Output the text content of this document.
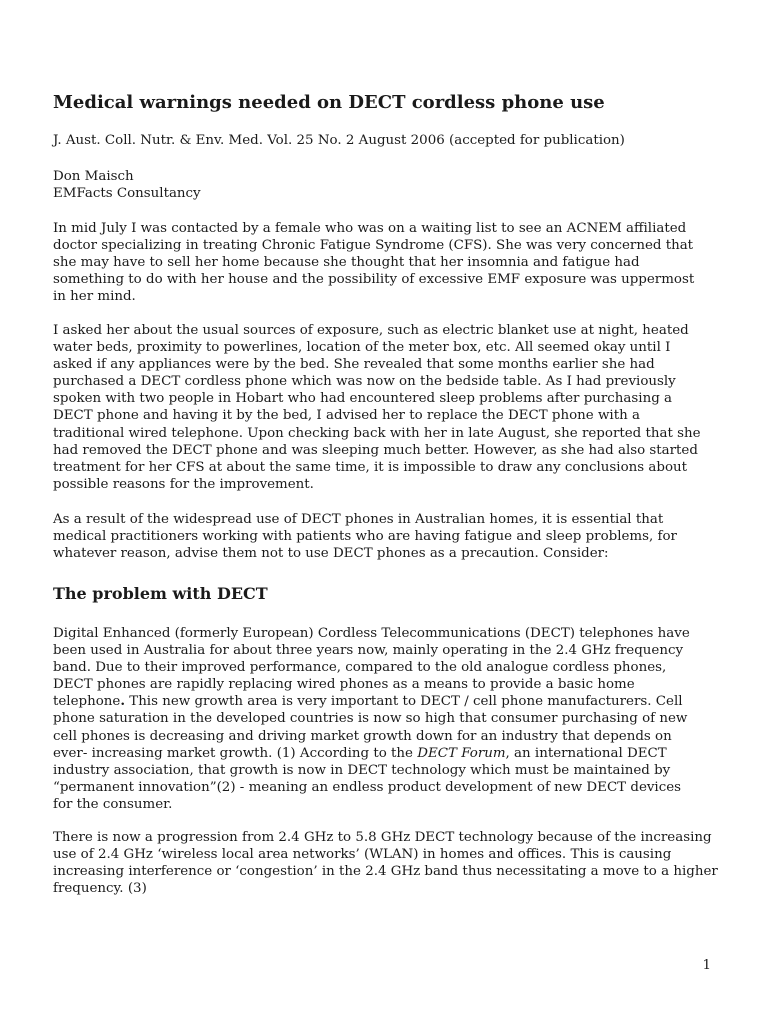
Medical warnings needed on DECT cordless phone use
J. Aust. Coll. Nutr. & Env. Med. Vol. 25 No. 2 August 2006 (accepted for publication)
Don Maisch
EMFacts Consultancy
In mid July I was contacted by a female who was on a waiting list to see an ACNEM affiliated
doctor specializing in treating Chronic Fatigue Syndrome (CFS). She was very concerned that
she may have to sell her home because she thought that her insomnia and fatigue had
something to do with her house and the possibility of excessive EMF exposure was uppermost
in her mind.
I asked her about the usual sources of exposure, such as electric blanket use at night, heated
water beds, proximity to powerlines, location of the meter box, etc. All seemed okay until I
asked if any appliances were by the bed. She revealed that some months earlier she had
purchased a DECT cordless phone which was now on the bedside table. As I had previously
spoken with two people in Hobart who had encountered sleep problems after purchasing a
DECT phone and having it by the bed, I advised her to replace the DECT phone with a
traditional wired telephone. Upon checking back with her in late August, she reported that she
had removed the DECT phone and was sleeping much better. However, as she had also started
treatment for her CFS at about the same time, it is impossible to draw any conclusions about
possible reasons for the improvement.
As a result of the widespread use of DECT phones in Australian homes, it is essential that
medical practitioners working with patients who are having fatigue and sleep problems, for
whatever reason, advise them not to use DECT phones as a precaution. Consider:
The problem with DECT
Digital Enhanced (formerly European) Cordless Telecommunications (DECT) telephones have
been used in Australia for about three years now, mainly operating in the 2.4 GHz frequency
band. Due to their improved performance, compared to the old analogue cordless phones,
DECT phones are rapidly replacing wired phones as a means to provide a basic home
telephone. This new growth area is very important to DECT / cell phone manufacturers. Cell
phone saturation in the developed countries is now so high that consumer purchasing of new
cell phones is decreasing and driving market growth down for an industry that depends on
ever- increasing market growth. (1) According to the DECT Forum, an international DECT
industry association, that growth is now in DECT technology which must be maintained by
“permanent innovation”(2) - meaning an endless product development of new DECT devices
for the consumer.
There is now a progression from 2.4 GHz to 5.8 GHz DECT technology because of the increasing
use of 2.4 GHz ‘wireless local area networks’ (WLAN) in homes and offices. This is causing
increasing interference or ‘congestion’ in the 2.4 GHz band thus necessitating a move to a higher
frequency. (3)
1
